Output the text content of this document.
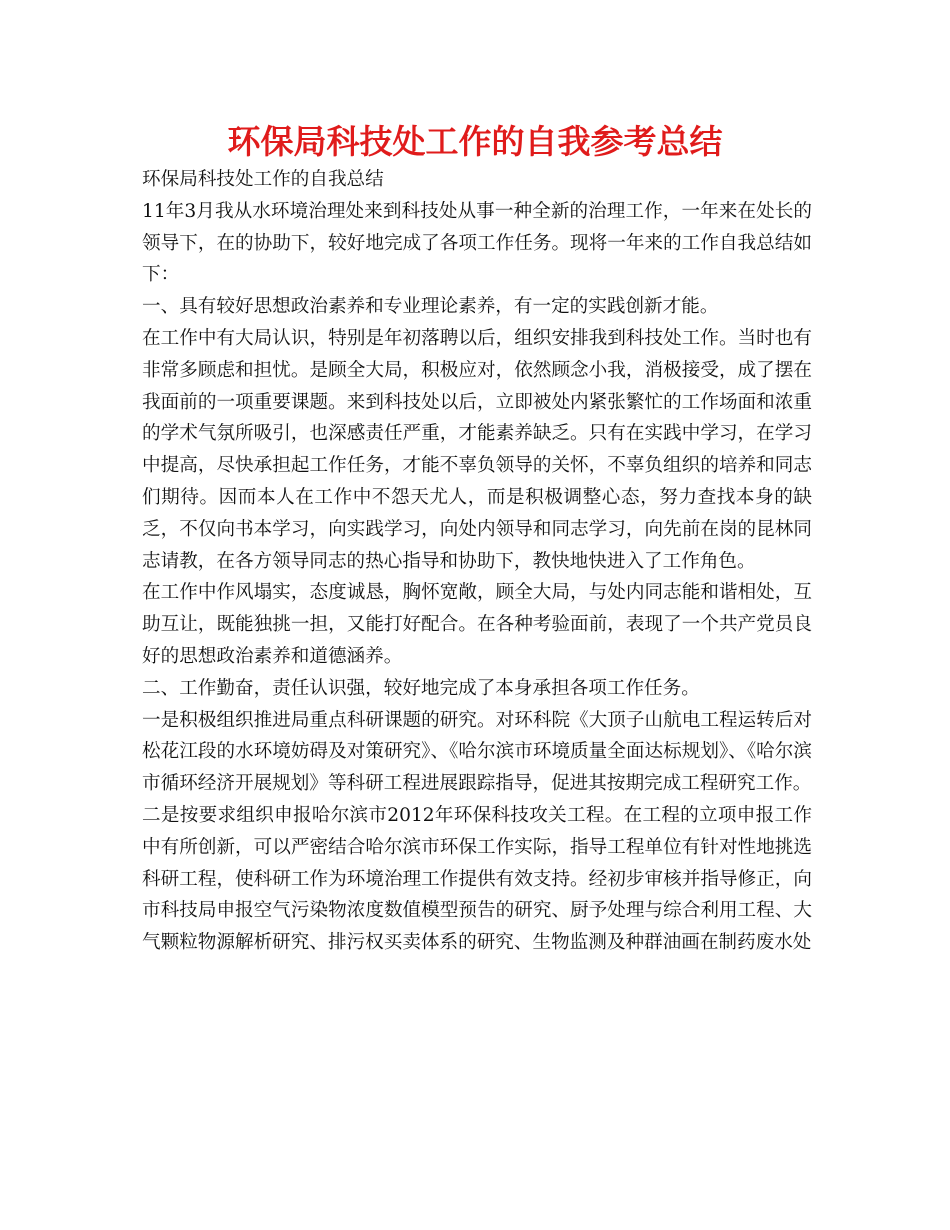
环保局科技处工作的自我参考总结

环保局科技处工作的自我总结

11年3月我从水环境治理处来到科技处从事一种全新的治理工作，一年来在处长的领导下，在的协助下，较好地完成了各项工作任务。现将一年来的工作自我总结如下：

一、具有较好思想政治素养和专业理论素养，有一定的实践创新才能。

在工作中有大局认识，特别是年初落聘以后，组织安排我到科技处工作。当时也有非常多顾虑和担忧。是顾全大局，积极应对，依然顾念小我，消极接受，成了摆在我面前的一项重要课题。来到科技处以后，立即被处内紧张繁忙的工作场面和浓重的学术气氛所吸引，也深感责任严重，才能素养缺乏。只有在实践中学习，在学习中提高，尽快承担起工作任务，才能不辜负领导的关怀，不辜负组织的培养和同志们期待。因而本人在工作中不怨天尤人，而是积极调整心态，努力查找本身的缺乏，不仅向书本学习，向实践学习，向处内领导和同志学习，向先前在岗的昆林同志请教，在各方领导同志的热心指导和协助下，教快地快进入了工作角色。

在工作中作风塌实，态度诚恳，胸怀宽敞，顾全大局，与处内同志能和谐相处，互助互让，既能独挑一担，又能打好配合。在各种考验面前，表现了一个共产党员良好的思想政治素养和道德涵养。

二、工作勤奋，责任认识强，较好地完成了本身承担各项工作任务。

一是积极组织推进局重点科研课题的研究。对环科院《大顶子山航电工程运转后对松花江段的水环境妨碍及对策研究》、《哈尔滨市环境质量全面达标规划》、《哈尔滨市循环经济开展规划》等科研工程进展跟踪指导，促进其按期完成工程研究工作。

二是按要求组织申报哈尔滨市2012年环保科技攻关工程。在工程的立项申报工作中有所创新，可以严密结合哈尔滨市环保工作实际，指导工程单位有针对性地挑选科研工程，使科研工作为环境治理工作提供有效支持。经初步审核并指导修正，向市科技局申报空气污染物浓度数值模型预告的研究、厨予处理与综合利用工程、大气颗粒物源解析研究、排污权买卖体系的研究、生物监测及种群油画在制药废水处
